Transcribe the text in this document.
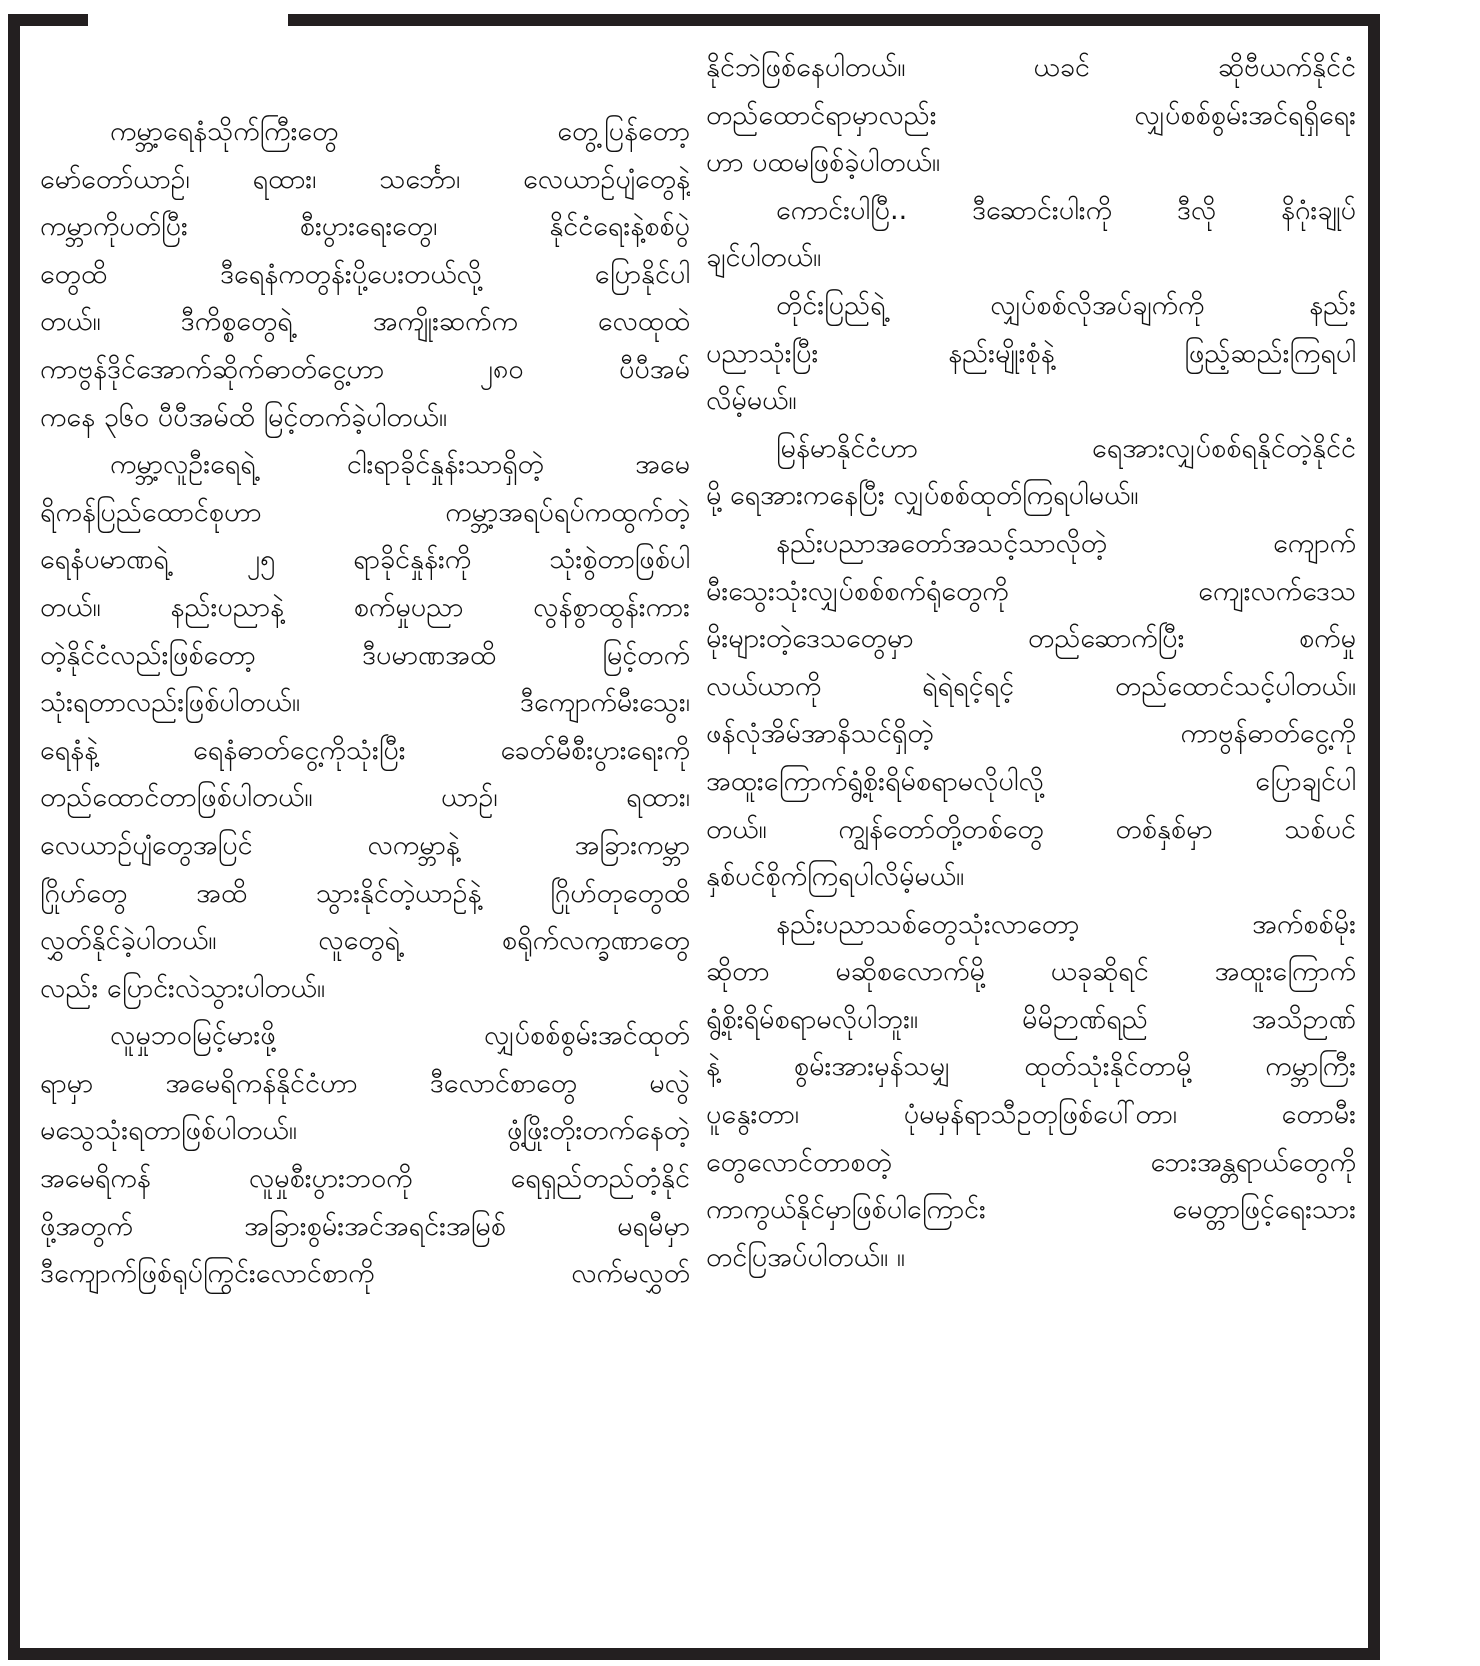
ကမ္ဘာ့ရေနံသိုက်ကြီးတွေ တွေ့ပြန်တော့
မော်တော်ယာဉ်၊ ရထား၊ သင်္ဘော၊ လေယာဉ်ပျံတွေနဲ့
ကမ္ဘာကိုပတ်ပြီး စီးပွားရေးတွေ၊ နိုင်ငံရေးနဲ့စစ်ပွဲ
တွေထိ ဒီရေနံကတွန်းပို့ပေးတယ်လို့ ပြောနိုင်ပါ
တယ်။ ဒီကိစ္စတွေရဲ့ အကျိုးဆက်က လေထုထဲ
ကာဗွန်ဒိုင်အောက်ဆိုက်ဓာတ်ငွေ့ဟာ ၂၈၀ ပီပီအမ်
ကနေ ၃၆၀ ပီပီအမ်ထိ မြင့်တက်ခဲ့ပါတယ်။
ကမ္ဘာ့လူဦးရေရဲ့ ငါးရာခိုင်နှုန်းသာရှိတဲ့ အမေ
ရိကန်ပြည်ထောင်စုဟာ ကမ္ဘာ့အရပ်ရပ်ကထွက်တဲ့
ရေနံပမာဏရဲ့ ၂၅ ရာခိုင်နှုန်းကို သုံးစွဲတာဖြစ်ပါ
တယ်။ နည်းပညာနဲ့ စက်မှုပညာ လွန်စွာထွန်းကား
တဲ့နိုင်ငံလည်းဖြစ်တော့ ဒီပမာဏအထိ မြင့်တက်
သုံးရတာလည်းဖြစ်ပါတယ်။ ဒီကျောက်မီးသွေး၊
ရေနံနဲ့ ရေနံဓာတ်ငွေ့ကိုသုံးပြီး ခေတ်မီစီးပွားရေးကို
တည်ထောင်တာဖြစ်ပါတယ်။ ယာဉ်၊ ရထား၊
လေယာဉ်ပျံတွေအပြင် လကမ္ဘာနဲ့ အခြားကမ္ဘာ
ဂြိုဟ်တွေ အထိ သွားနိုင်တဲ့ယာဉ်နဲ့ ဂြိုဟ်တုတွေထိ
လွှတ်နိုင်ခဲ့ပါတယ်။ လူတွေရဲ့ စရိုက်လက္ခဏာတွေ
လည်း ပြောင်းလဲသွားပါတယ်။
လူမှုဘဝမြင့်မားဖို့ လျှပ်စစ်စွမ်းအင်ထုတ်
ရာမှာ အမေရိကန်နိုင်ငံဟာ ဒီလောင်စာတွေ မလွဲ
မသွေသုံးရတာဖြစ်ပါတယ်။ ဖွံ့ဖြိုးတိုးတက်နေတဲ့
အမေရိကန် လူမှုစီးပွားဘဝကို ရေရှည်တည်တံ့နိုင်
ဖို့အတွက် အခြားစွမ်းအင်အရင်းအမြစ် မရမီမှာ
ဒီကျောက်ဖြစ်ရုပ်ကြွင်းလောင်စာကို လက်မလွှတ်
နိုင်ဘဲဖြစ်နေပါတယ်။ ယခင် ဆိုဗီယက်နိုင်ငံ
တည်ထောင်ရာမှာလည်း လျှပ်စစ်စွမ်းအင်ရရှိရေး
ဟာ ပထမဖြစ်ခဲ့ပါတယ်။
ကောင်းပါပြီ.. ဒီဆောင်းပါးကို ဒီလို နိဂုံးချုပ်
ချင်ပါတယ်။
တိုင်းပြည်ရဲ့ လျှပ်စစ်လိုအပ်ချက်ကို နည်း
ပညာသုံးပြီး နည်းမျိုးစုံနဲ့ ဖြည့်ဆည်းကြရပါ
လိမ့်မယ်။
မြန်မာနိုင်ငံဟာ ရေအားလျှပ်စစ်ရနိုင်တဲ့နိုင်ငံ
မို့ ရေအားကနေပြီး လျှပ်စစ်ထုတ်ကြရပါမယ်။
နည်းပညာအတော်အသင့်သာလိုတဲ့ ကျောက်
မီးသွေးသုံးလျှပ်စစ်စက်ရုံတွေကို ကျေးလက်ဒေသ
မိုးများတဲ့ဒေသတွေမှာ တည်ဆောက်ပြီး စက်မှု
လယ်ယာကို ရဲရဲရင့်ရင့် တည်ထောင်သင့်ပါတယ်။
ဖန်လုံအိမ်အာနိသင်ရှိတဲ့ ကာဗွန်ဓာတ်ငွေ့ကို
အထူးကြောက်ရွံ့စိုးရိမ်စရာမလိုပါလို့ ပြောချင်ပါ
တယ်။ ကျွန်တော်တို့တစ်တွေ တစ်နှစ်မှာ သစ်ပင်
နှစ်ပင်စိုက်ကြရပါလိမ့်မယ်။
နည်းပညာသစ်တွေသုံးလာတော့ အက်စစ်မိုး
ဆိုတာ မဆိုစလောက်မို့ ယခုဆိုရင် အထူးကြောက်
ရွံ့စိုးရိမ်စရာမလိုပါဘူး။ မိမိဉာဏ်ရည် အသိဉာဏ်
နဲ့ စွမ်းအားမှန်သမျှ ထုတ်သုံးနိုင်တာမို့ ကမ္ဘာကြီး
ပူနွေးတာ၊ ပုံမမှန်ရာသီဥတုဖြစ်ပေါ်တာ၊ တောမီး
တွေလောင်တာစတဲ့ ဘေးအန္တရာယ်တွေကို
ကာကွယ်နိုင်မှာဖြစ်ပါကြောင်း မေတ္တာဖြင့်ရေးသား
တင်ပြအပ်ပါတယ်။ ။
